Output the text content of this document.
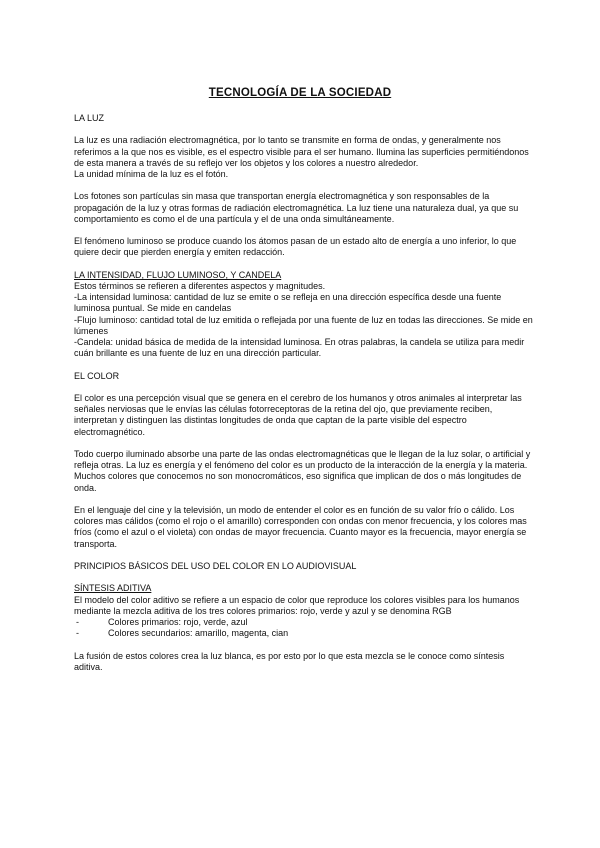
TECNOLOGÍA DE LA SOCIEDAD

LA LUZ

La luz es una radiación electromagnética, por lo tanto se transmite en forma de ondas, y generalmente nos referimos a la que nos es visible, es el espectro visible para el ser humano. Ilumina las superficies permitiéndonos de esta manera a través de su reflejo ver los objetos y los colores a nuestro alrededor.

La unidad mínima de la luz es el fotón.

Los fotones son partículas sin masa que transportan energía electromagnética y son responsables de la propagación de la luz y otras formas de radiación electromagnética. La luz tiene una naturaleza dual, ya que su comportamiento es como el de una partícula y el de una onda simultáneamente.

El fenómeno luminoso se produce cuando los átomos pasan de un estado alto de energía a uno inferior, lo que quiere decir que pierden energía y emiten redacción.

LA INTENSIDAD, FLUJO LUMINOSO, Y CANDELA

Estos términos se refieren a diferentes aspectos y magnitudes.

-La intensidad luminosa: cantidad de luz se emite o se refleja en una dirección específica desde una fuente luminosa puntual. Se mide en candelas

-Flujo luminoso: cantidad total de luz emitida o reflejada por una fuente de luz en todas las direcciones. Se mide en lúmenes

-Candela: unidad básica de medida de la intensidad luminosa. En otras palabras, la candela se utiliza para medir cuán brillante es una fuente de luz en una dirección particular.

EL COLOR

El color es una percepción visual que se genera en el cerebro de los humanos y otros animales al interpretar las señales nerviosas que le envías las células fotorreceptoras de la retina del ojo, que previamente reciben, interpretan y distinguen las distintas longitudes de onda que captan de la parte visible del espectro electromagnético.

Todo cuerpo iluminado absorbe una parte de las ondas electromagnéticas que le llegan de la luz solar, o artificial y refleja otras. La luz es energía y el fenómeno del color es un producto de la interacción de la energía y la materia.

Muchos colores que conocemos no son monocromáticos, eso significa que implican de dos o más longitudes de onda.

En el lenguaje del cine y la televisión, un modo de entender el color es en función de su valor frío o cálido. Los colores mas cálidos (como el rojo o el amarillo) corresponden con ondas con menor frecuencia, y los colores mas fríos (como el azul o el violeta) con ondas de mayor frecuencia. Cuanto mayor es la frecuencia, mayor energía se transporta.

PRINCIPIOS BÁSICOS DEL USO DEL COLOR EN LO AUDIOVISUAL

SÍNTESIS ADITIVA

El modelo del color aditivo se refiere a un espacio de color que reproduce los colores visibles para los humanos mediante la mezcla aditiva de los tres colores primarios: rojo, verde y azul y se denomina RGB

-	Colores primarios: rojo, verde, azul
-	Colores secundarios: amarillo, magenta, cian

La fusión de estos colores crea la luz blanca, es por esto por lo que esta mezcla se le conoce como síntesis aditiva.
